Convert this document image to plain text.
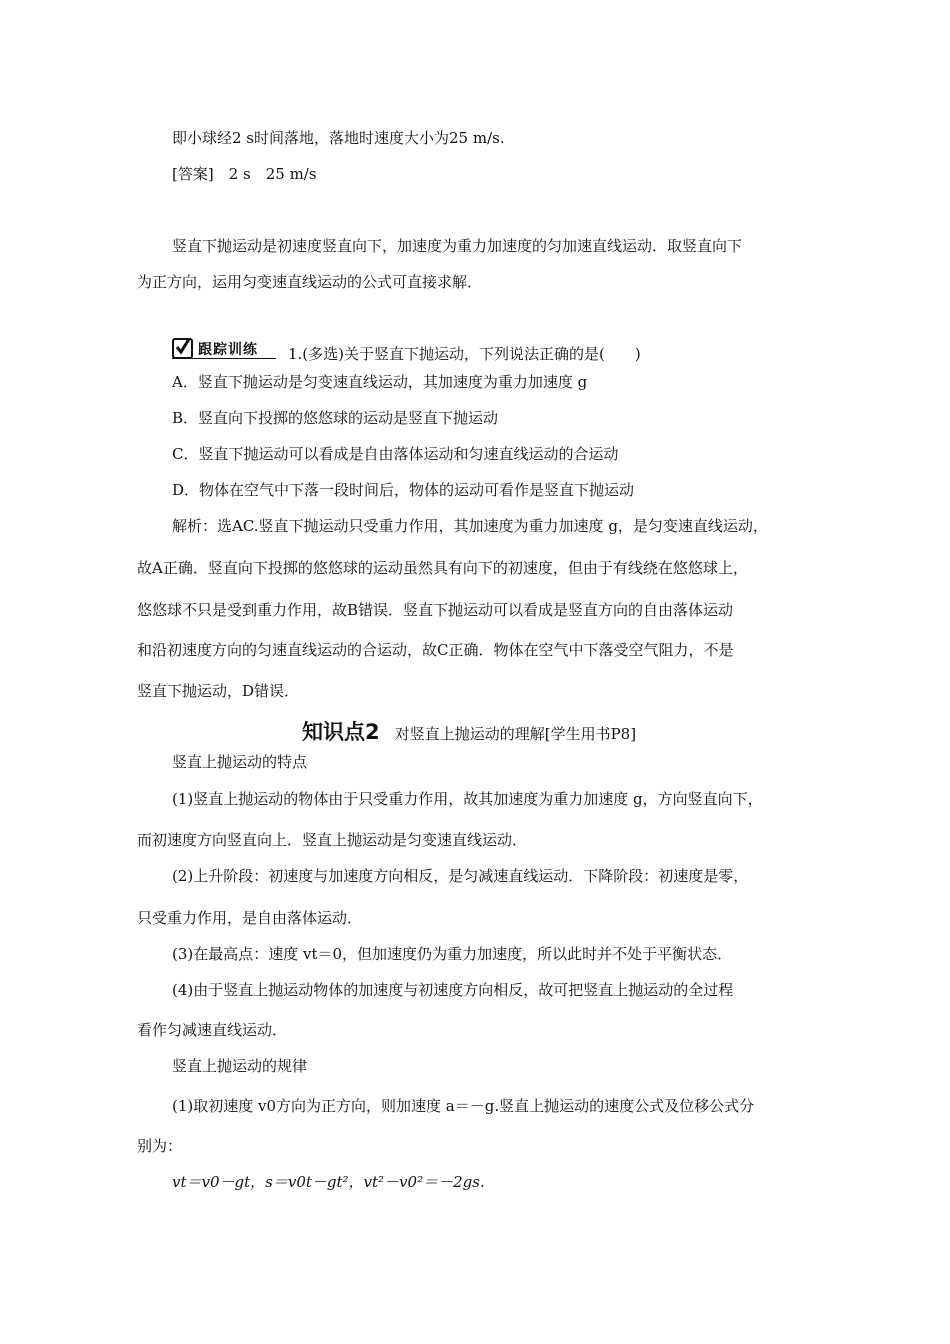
即小球经2 s时间落地，落地时速度大小为25 m/s.
[答案]　2 s　25 m/s
竖直下抛运动是初速度竖直向下，加速度为重力加速度的匀加速直线运动．取竖直向下
为正方向，运用匀变速直线运动的公式可直接求解．
跟踪训练 1.(多选)关于竖直下抛运动，下列说法正确的是(　　)
A．竖直下抛运动是匀变速直线运动，其加速度为重力加速度 g
B．竖直向下投掷的悠悠球的运动是竖直下抛运动
C．竖直下抛运动可以看成是自由落体运动和匀速直线运动的合运动
D．物体在空气中下落一段时间后，物体的运动可看作是竖直下抛运动
解析：选AC.竖直下抛运动只受重力作用，其加速度为重力加速度 g，是匀变速直线运动，
故A正确．竖直向下投掷的悠悠球的运动虽然具有向下的初速度，但由于有线绕在悠悠球上，
悠悠球不只是受到重力作用，故B错误．竖直下抛运动可以看成是竖直方向的自由落体运动
和沿初速度方向的匀速直线运动的合运动，故C正确．物体在空气中下落受空气阻力，不是
竖直下抛运动，D错误．
知识点2 对竖直上抛运动的理解[学生用书P8]
竖直上抛运动的特点
(1)竖直上抛运动的物体由于只受重力作用，故其加速度为重力加速度 g，方向竖直向下，
而初速度方向竖直向上．竖直上抛运动是匀变速直线运动．
(2)上升阶段：初速度与加速度方向相反，是匀减速直线运动．下降阶段：初速度是零，
只受重力作用，是自由落体运动．
(3)在最高点：速度 vt＝0，但加速度仍为重力加速度，所以此时并不处于平衡状态．
(4)由于竖直上抛运动物体的加速度与初速度方向相反，故可把竖直上抛运动的全过程
看作匀减速直线运动．
竖直上抛运动的规律
(1)取初速度 v0方向为正方向，则加速度 a＝－g.竖直上抛运动的速度公式及位移公式分
别为：
vt＝v0－gt，s＝v0t－gt²，vt²－v0²＝－2gs.
